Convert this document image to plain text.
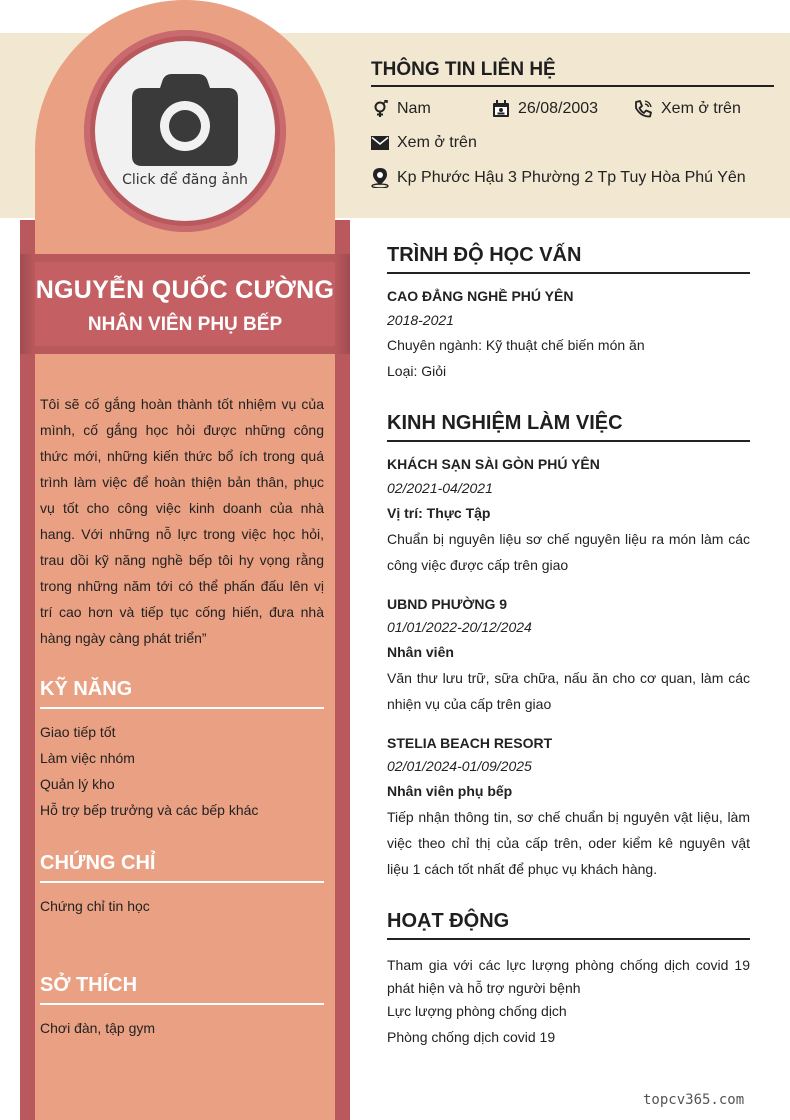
Click để đăng ảnh
NGUYỄN QUỐC CƯỜNG
NHÂN VIÊN PHỤ BẾP
Tôi sẽ cố gắng hoàn thành tốt nhiệm vụ của mình, cố gắng học hỏi được những công thức mới, những kiến thức bổ ích trong quá trình làm việc để hoàn thiện bản thân, phục vụ tốt cho công việc kinh doanh của nhà hang. Với những nỗ lực trong việc học hỏi, trau dồi kỹ năng nghề bếp tôi hy vọng rằng trong những năm tới có thể phấn đấu lên vị trí cao hơn và tiếp tục cống hiến, đưa nhà hàng ngày càng phát triển”
KỸ NĂNG
Giao tiếp tốt
Làm việc nhóm
Quản lý kho
Hỗ trợ bếp trưởng và các bếp khác
CHỨNG CHỈ
Chứng chỉ tin học
SỞ THÍCH
Chơi đàn, tập gym
THÔNG TIN LIÊN HỆ
Nam	26/08/2003	Xem ở trên
Xem ở trên
Kp Phước Hậu 3 Phường 2 Tp Tuy Hòa Phú Yên
TRÌNH ĐỘ HỌC VẤN
CAO ĐẲNG NGHỀ PHÚ YÊN
2018-2021
Chuyên ngành: Kỹ thuật chế biến món ăn
Loại: Giỏi
KINH NGHIỆM LÀM VIỆC
KHÁCH SẠN SÀI GÒN PHÚ YÊN
02/2021-04/2021
Vị trí: Thực Tập
Chuẩn bị nguyên liệu sơ chế nguyên liệu ra món làm các công việc được cấp trên giao
UBND PHƯỜNG 9
01/01/2022-20/12/2024
Nhân viên
Văn thư lưu trữ, sữa chữa, nấu ăn cho cơ quan, làm các nhiện vụ của cấp trên giao
STELIA BEACH RESORT
02/01/2024-01/09/2025
Nhân viên phụ bếp
Tiếp nhận thông tin, sơ chế chuẩn bị nguyên vật liệu, làm việc theo chỉ thị của cấp trên, oder kiểm kê nguyên vật liệu 1 cách tốt nhất để phục vụ khách hàng.
HOẠT ĐỘNG
Tham gia với các lực lượng phòng chống dịch covid 19 phát hiện và hỗ trợ người bệnh
Lực lượng phòng chống dịch
Phòng chống dịch covid 19
topcv365.com
